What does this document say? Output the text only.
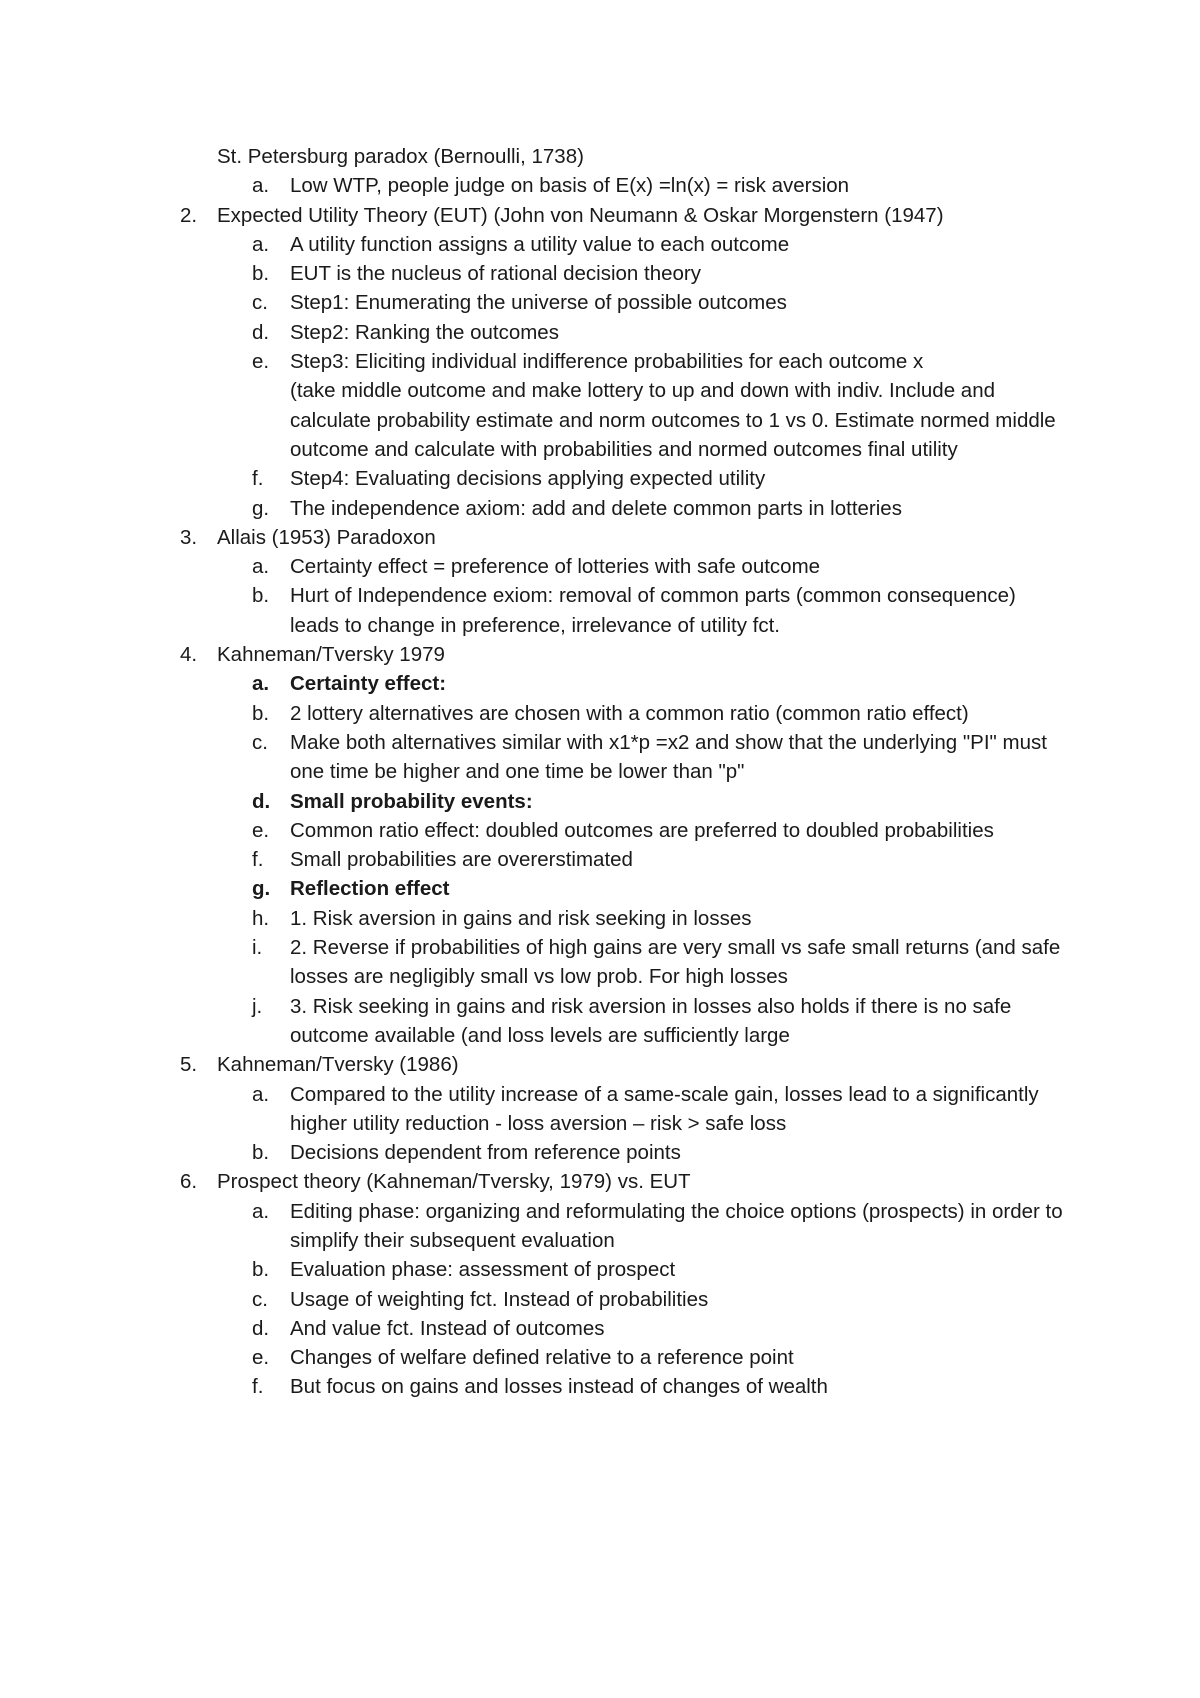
St. Petersburg paradox (Bernoulli, 1738)
a.	Low WTP, people judge on basis of E(x) =ln(x) = risk aversion
2. Expected Utility Theory (EUT) (John von Neumann & Oskar Morgenstern (1947)
a.	A utility function assigns a utility value to each outcome
b.	EUT is the nucleus of rational decision theory
c.	Step1: Enumerating the universe of possible outcomes
d.	Step2: Ranking the outcomes
e.	Step3: Eliciting individual indifference probabilities for each outcome x
(take middle outcome and make lottery to up and down with indiv. Include and calculate probability estimate and norm outcomes to 1 vs 0. Estimate normed middle outcome and calculate with probabilities and normed outcomes final utility
f.	Step4: Evaluating decisions applying expected utility
g.	The independence axiom: add and delete common parts in lotteries
3. Allais (1953) Paradoxon
a.	Certainty effect = preference of lotteries with safe outcome
b.	Hurt of Independence exiom: removal of common parts (common consequence) leads to change in preference, irrelevance of utility fct.
4. Kahneman/Tversky 1979
a.	Certainty effect:
b.	2 lottery alternatives are chosen with a common ratio (common ratio effect)
c.	Make both alternatives similar with x1*p =x2 and show that the underlying "PI" must one time be higher and one time be lower than "p"
d. Small probability events:
e.	Common ratio effect: doubled outcomes are preferred to doubled probabilities
f.	Small probabilities are overerstimated
g. Reflection effect
h.	1. Risk aversion in gains and risk seeking in losses
i.	2. Reverse if probabilities of high gains are very small vs safe small returns (and safe losses are negligibly small vs low prob. For high losses
j.	3. Risk seeking in gains and risk aversion in losses also holds if there is no safe outcome available (and loss levels are sufficiently large
5. Kahneman/Tversky (1986)
a.	Compared to the utility increase of a same-scale gain, losses lead to a significantly higher utility reduction - loss aversion – risk > safe loss
b.	Decisions dependent from reference points
6. Prospect theory (Kahneman/Tversky, 1979) vs. EUT
a.	Editing phase: organizing and reformulating the choice options (prospects) in order to simplify their subsequent evaluation
b.	Evaluation phase: assessment of prospect
c.	Usage of weighting fct. Instead of probabilities
d.	And value fct. Instead of outcomes
e.	Changes of welfare defined relative to a reference point
f.	But focus on gains and losses instead of changes of wealth
